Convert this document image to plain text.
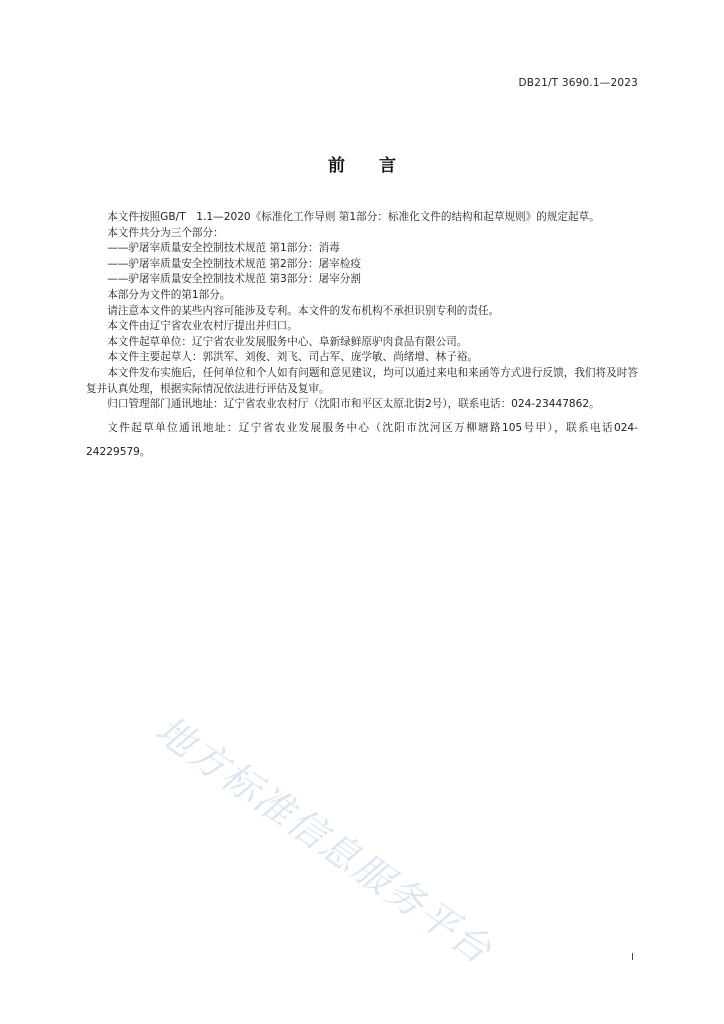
DB21/T 3690.1—2023
前 言

本文件按照GB/T　1.1—2020《标准化工作导则 第1部分：标准化文件的结构和起草规则》的规定起草。

本文件共分为三个部分：

——驴屠宰质量安全控制技术规范 第1部分：消毒

——驴屠宰质量安全控制技术规范 第2部分：屠宰检疫

——驴屠宰质量安全控制技术规范 第3部分：屠宰分割

本部分为文件的第1部分。

请注意本文件的某些内容可能涉及专利。本文件的发布机构不承担识别专利的责任。

本文件由辽宁省农业农村厅提出并归口。

本文件起草单位：辽宁省农业发展服务中心、阜新绿鲜原驴肉食品有限公司。

本文件主要起草人：郭洪军、刘俊、刘飞、司占军、庞学敏、尚绪增、林子裕。

本文件发布实施后，任何单位和个人如有问题和意见建议，均可以通过来电和来函等方式进行反馈，我们将及时答复并认真处理，根据实际情况依法进行评估及复审。

归口管理部门通讯地址：辽宁省农业农村厅（沈阳市和平区太原北街2号），联系电话：024-23447862。

文件起草单位通讯地址：辽宁省农业发展服务中心（沈阳市沈河区万柳塘路105号甲），联系电话024-24229579。

地方标准信息服务平台	I
